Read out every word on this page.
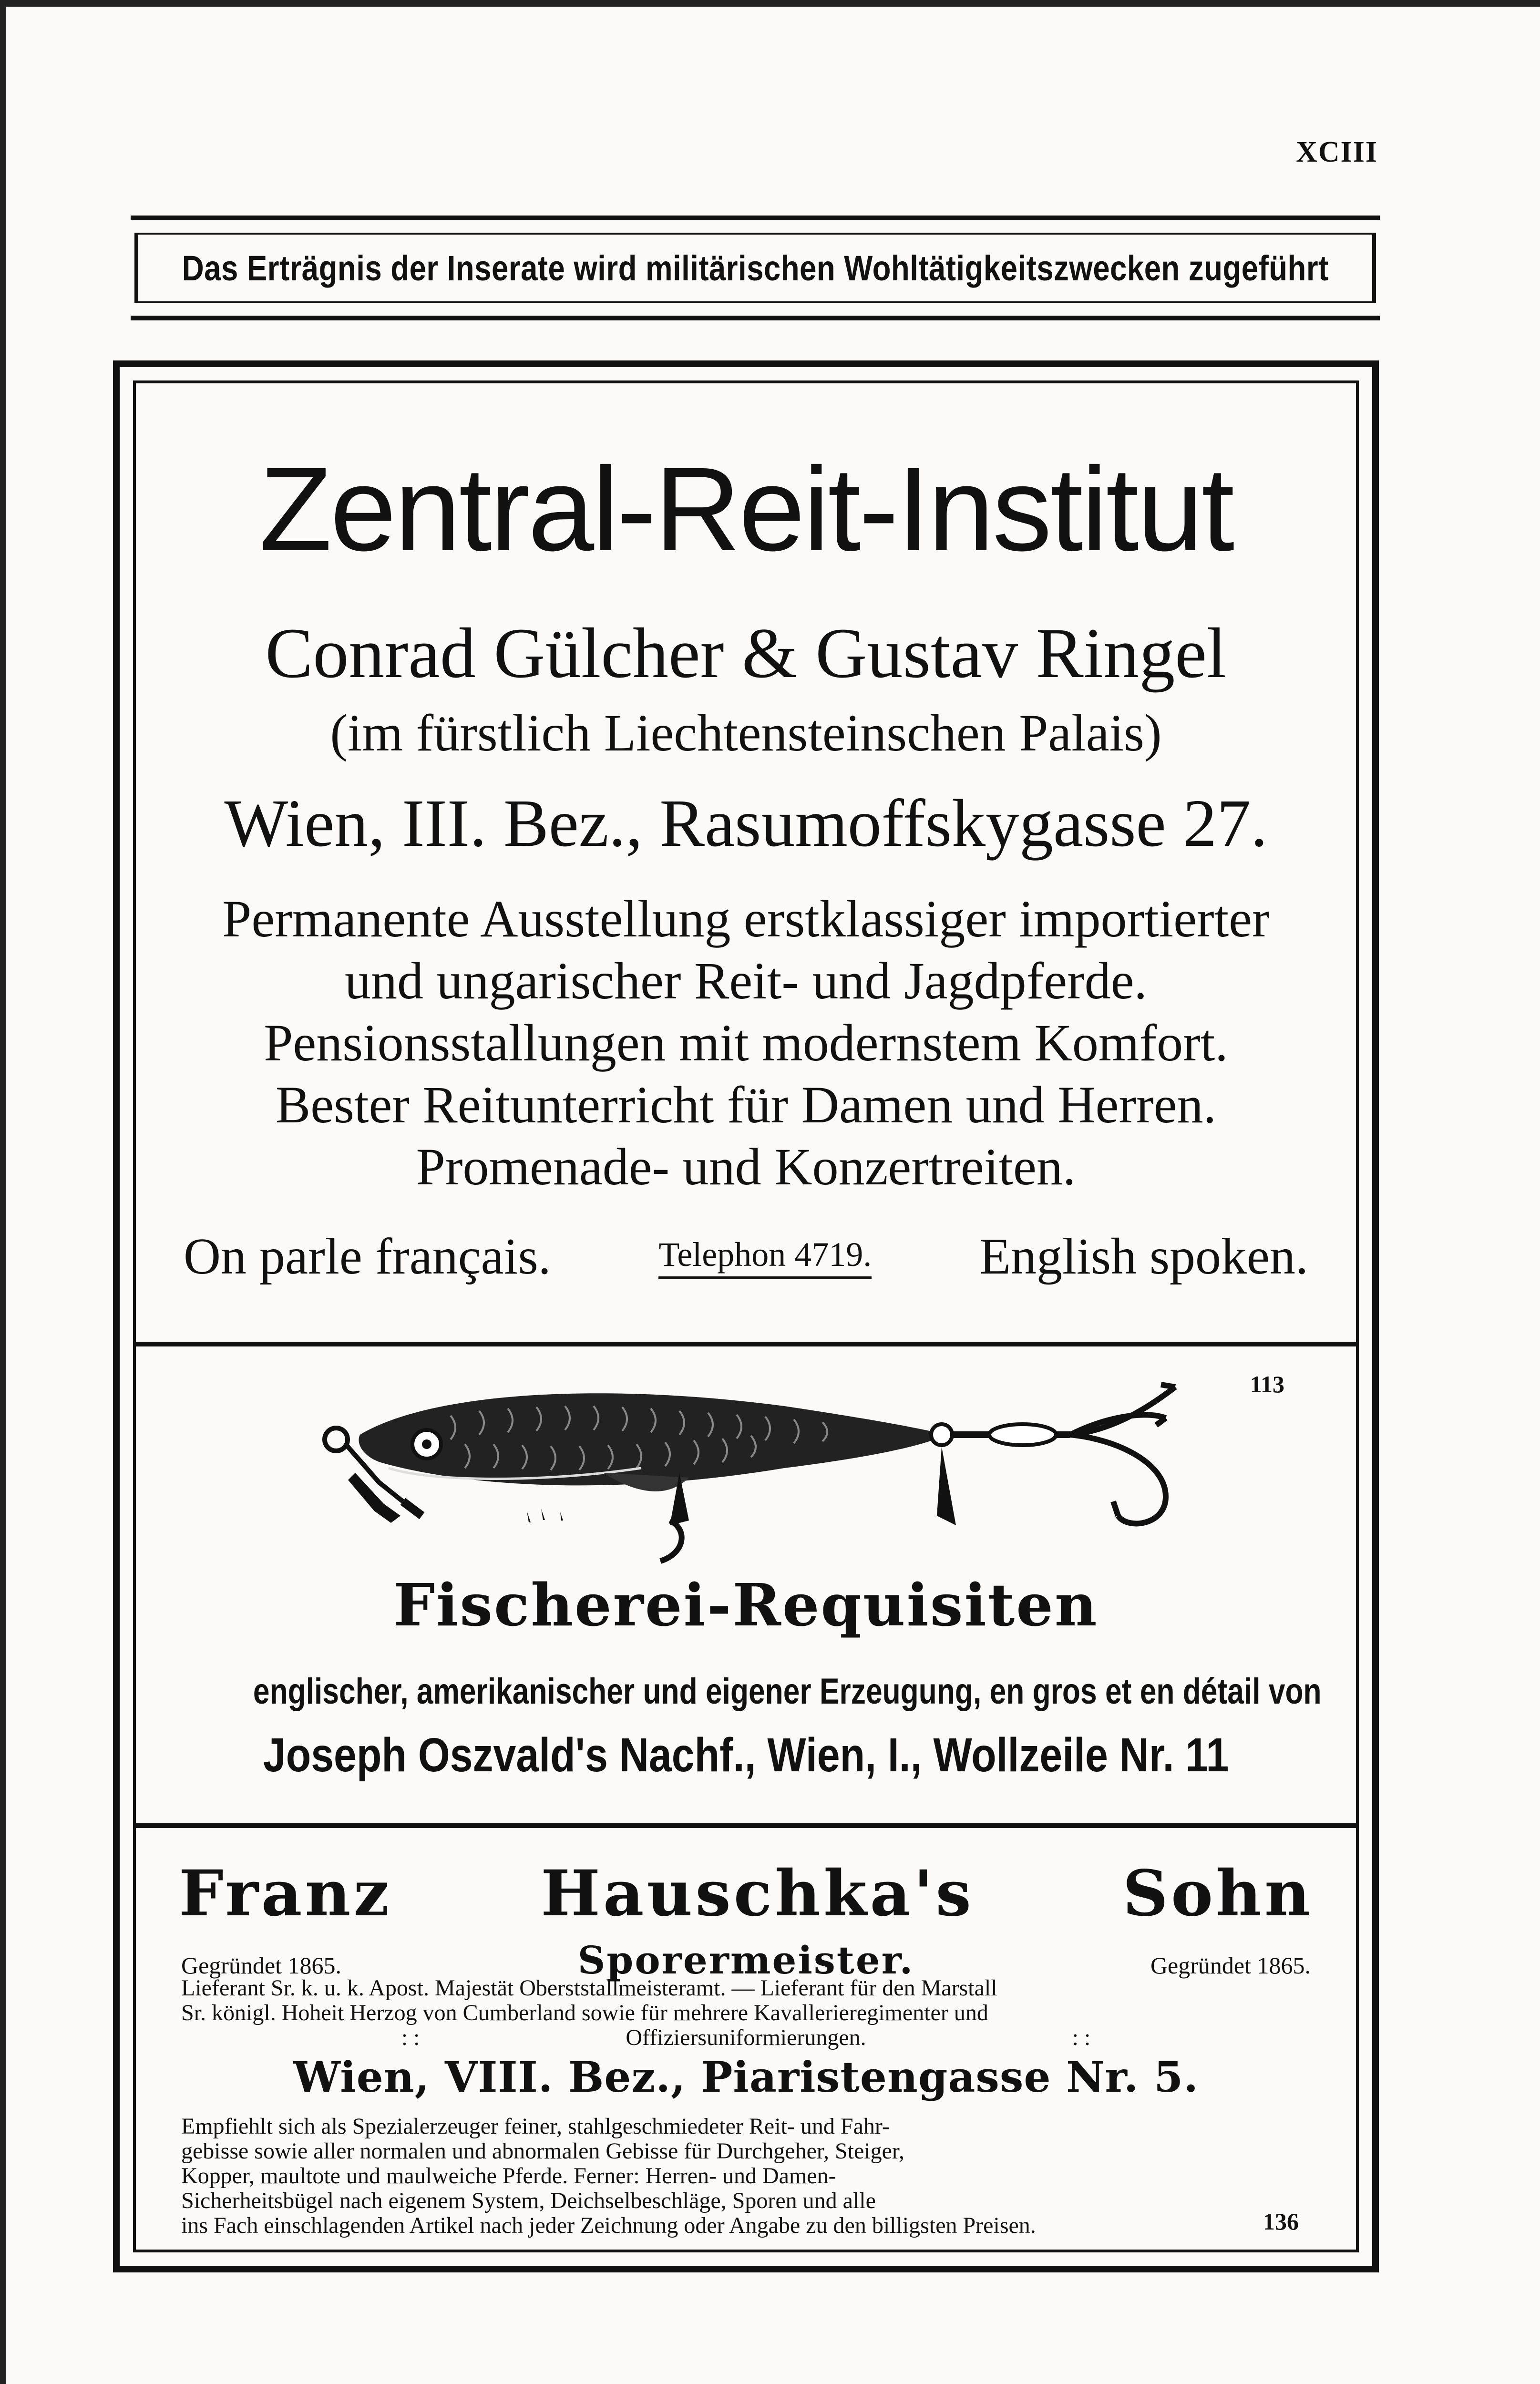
XCIII
Das Erträgnis der Inserate wird militärischen Wohltätigkeitszwecken zugeführt
Zentral-Reit-Institut
Conrad Gülcher & Gustav Ringel
(im fürstlich Liechtensteinschen Palais)
Wien, III. Bez., Rasumoffskygasse 27.
Permanente Ausstellung erstklassiger importierter
und ungarischer Reit- und Jagdpferde.
Pensionsstallungen mit modernstem Komfort.
Bester Reitunterricht für Damen und Herren.
Promenade- und Konzertreiten.
On parle français.	Telephon 4719. English spoken.
113
Fischerei-Requisiten
englischer, amerikanischer und eigener Erzeugung, en gros et en détail von
Joseph Oszvald's Nachf., Wien, I., Wollzeile Nr. 11
Franz Hauschka's Sohn
Gegründet 1865.	Sporermeister.	Gegründet 1865.
Lieferant Sr. k. u. k. Apost. Majestät Oberststallmeisteramt. — Lieferant für den Marstall
Sr. königl. Hoheit Herzog von Cumberland sowie für mehrere Kavallerieregimenter und
: :                                    Offiziersuniformierungen.                                    : :
Wien, VIII. Bez., Piaristengasse Nr. 5.
Empfiehlt sich als Spezialerzeuger feiner, stahlgeschmiedeter Reit- und Fahr-
gebisse sowie aller normalen und abnormalen Gebisse für Durchgeher, Steiger,
Kopper, maultote und maulweiche Pferde. Ferner: Herren- und Damen-
Sicherheitsbügel nach eigenem System, Deichselbeschläge, Sporen und alle
ins Fach einschlagenden Artikel nach jeder Zeichnung oder Angabe zu den billigsten Preisen.	136
